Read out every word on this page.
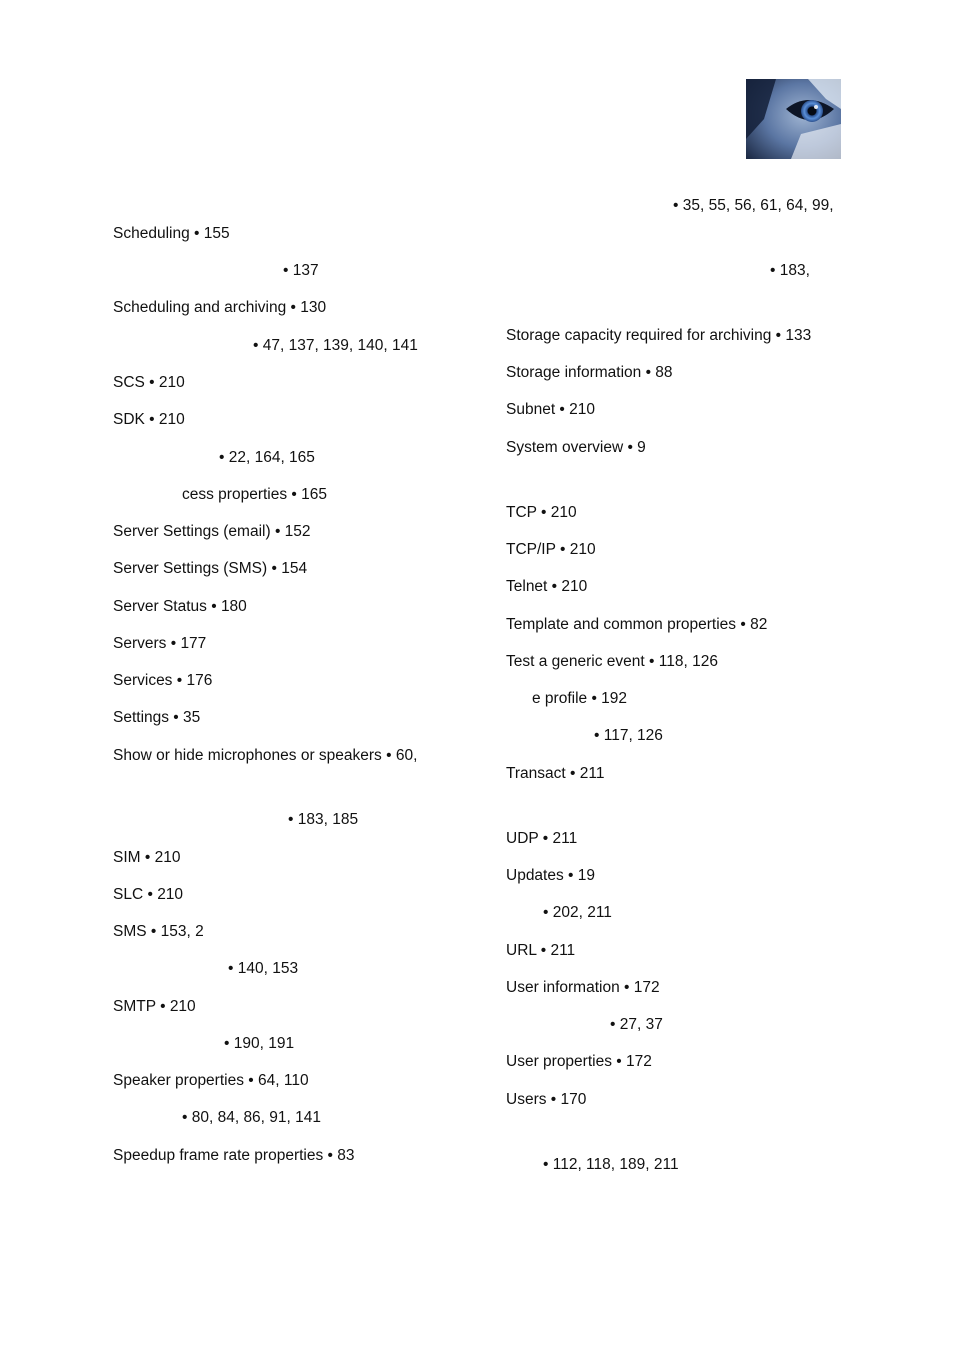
Scheduling • 155
• 137
Scheduling and archiving • 130
• 47, 137, 139, 140, 141
SCS • 210
SDK • 210
• 22, 164, 165
cess properties • 165
Server Settings (email) • 152
Server Settings (SMS) • 154
Server Status • 180
Servers • 177
Services • 176
Settings • 35
Show or hide microphones or speakers • 60,
• 183, 185
SIM • 210
SLC • 210
SMS • 153, 2
• 140, 153
SMTP • 210
• 190, 191
Speaker properties • 64, 110
• 80, 84, 86, 91, 141
Speedup frame rate properties • 83
• 35, 55, 56, 61, 64, 99,
• 183,
Storage capacity required for archiving • 133
Storage information • 88
Subnet • 210
System overview • 9
TCP • 210
TCP/IP • 210
Telnet • 210
Template and common properties • 82
Test a generic event • 118, 126
e profile • 192
• 117, 126
Transact • 211
UDP • 211
Updates • 19
• 202, 211
URL • 211
User information • 172
• 27, 37
User properties • 172
Users • 170
• 112, 118, 189, 211
